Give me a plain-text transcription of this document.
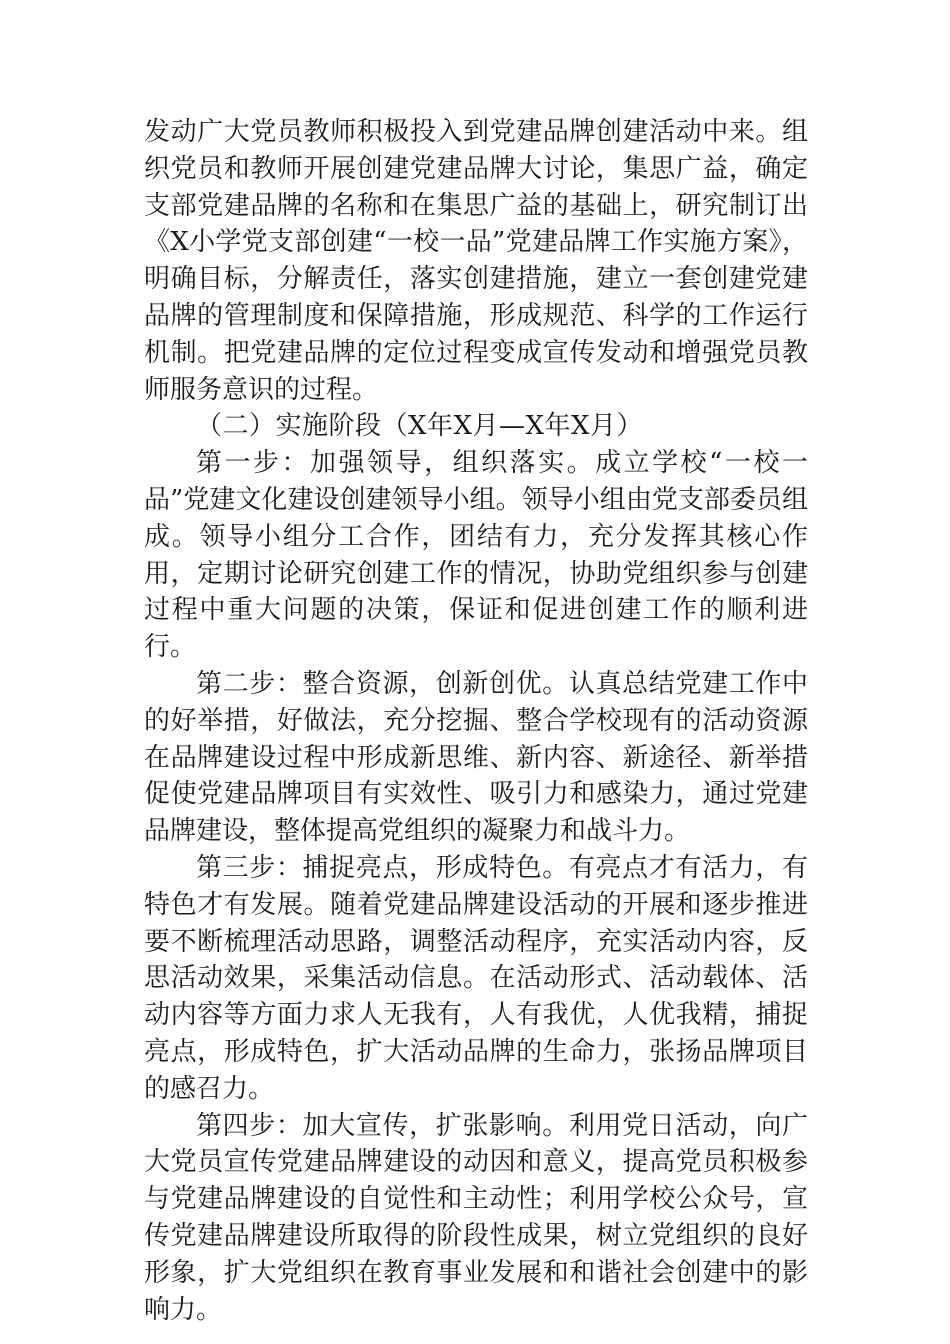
发动广大党员教师积极投入到党建品牌创建活动中来。组织党员和教师开展创建党建品牌大讨论，集思广益，确定支部党建品牌的名称和在集思广益的基础上，研究制订出《X小学党支部创建“一校一品”党建品牌工作实施方案》，明确目标，分解责任，落实创建措施，建立一套创建党建品牌的管理制度和保障措施，形成规范、科学的工作运行机制。把党建品牌的定位过程变成宣传发动和增强党员教师服务意识的过程。

（二）实施阶段（X年X月—X年X月）

第一步：加强领导，组织落实。成立学校“一校一品”党建文化建设创建领导小组。领导小组由党支部委员组成。领导小组分工合作，团结有力，充分发挥其核心作用，定期讨论研究创建工作的情况，协助党组织参与创建过程中重大问题的决策，保证和促进创建工作的顺利进行。

第二步：整合资源，创新创优。认真总结党建工作中的好举措，好做法，充分挖掘、整合学校现有的活动资源在品牌建设过程中形成新思维、新内容、新途径、新举措促使党建品牌项目有实效性、吸引力和感染力，通过党建品牌建设，整体提高党组织的凝聚力和战斗力。

第三步：捕捉亮点，形成特色。有亮点才有活力，有特色才有发展。随着党建品牌建设活动的开展和逐步推进要不断梳理活动思路，调整活动程序，充实活动内容，反思活动效果，采集活动信息。在活动形式、活动载体、活动内容等方面力求人无我有，人有我优，人优我精，捕捉亮点，形成特色，扩大活动品牌的生命力，张扬品牌项目的感召力。

第四步：加大宣传，扩张影响。利用党日活动，向广大党员宣传党建品牌建设的动因和意义，提高党员积极参与党建品牌建设的自觉性和主动性；利用学校公众号，宣传党建品牌建设所取得的阶段性成果，树立党组织的良好形象，扩大党组织在教育事业发展和和谐社会创建中的影响力。
